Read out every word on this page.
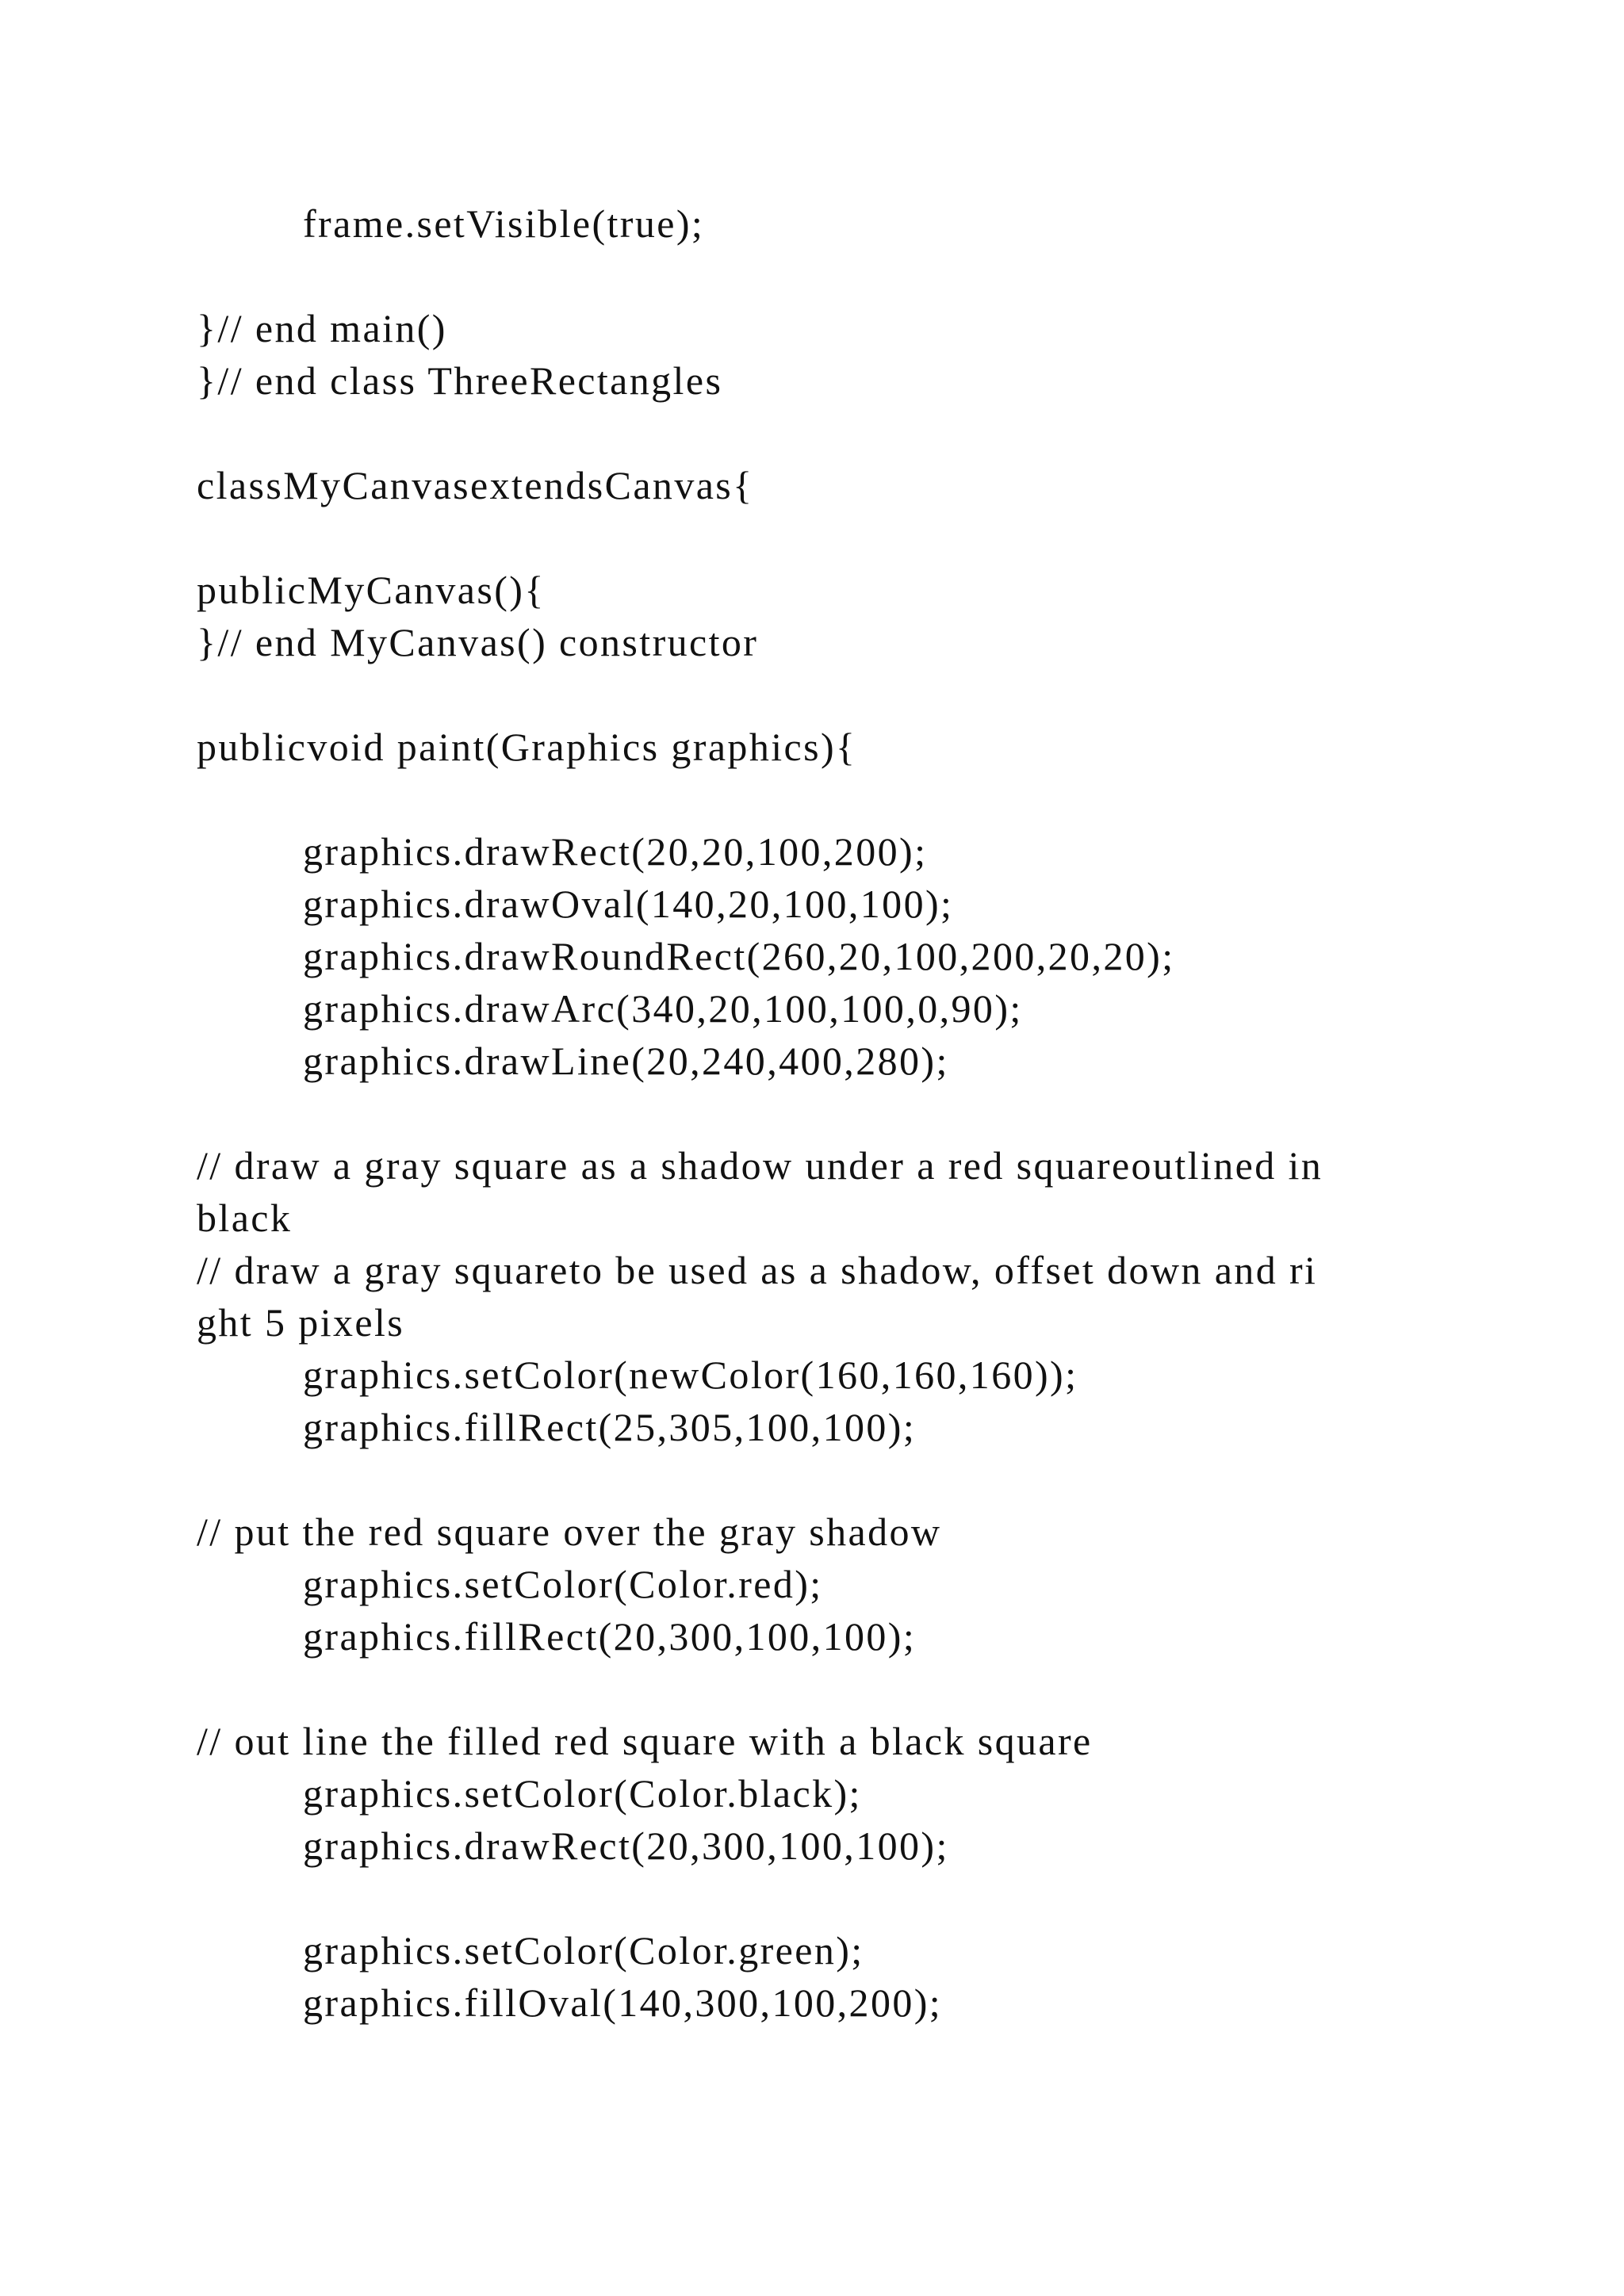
frame.setVisible(true);
}// end main()
}// end class ThreeRectangles
classMyCanvasextendsCanvas{
publicMyCanvas(){
}// end MyCanvas() constructor
publicvoid paint(Graphics graphics){
graphics.drawRect(20,20,100,200);
graphics.drawOval(140,20,100,100);
graphics.drawRoundRect(260,20,100,200,20,20);
graphics.drawArc(340,20,100,100,0,90);
graphics.drawLine(20,240,400,280);
// draw a gray square as a shadow under a red squareoutlined in
black
// draw a gray squareto be used as a shadow, offset down and ri
ght 5 pixels
graphics.setColor(newColor(160,160,160));
graphics.fillRect(25,305,100,100);
// put the red square over the gray shadow
graphics.setColor(Color.red);
graphics.fillRect(20,300,100,100);
// out line the filled red square with a black square
graphics.setColor(Color.black);
graphics.drawRect(20,300,100,100);
graphics.setColor(Color.green);
graphics.fillOval(140,300,100,200);
